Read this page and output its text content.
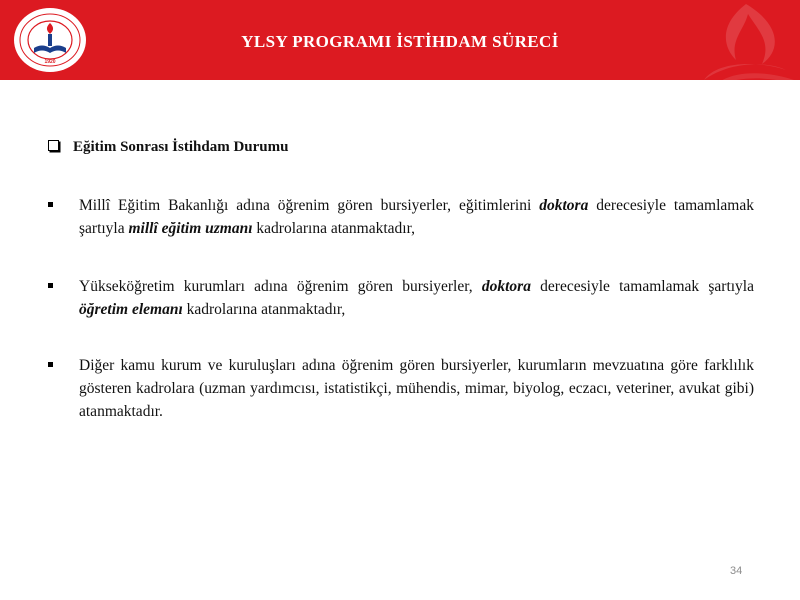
1920
YLSY PROGRAMI İSTİHDAM SÜRECİ
Eğitim Sonrası İstihdam Durumu
Millî Eğitim Bakanlığı adına öğrenim gören bursiyerler, eğitimlerini doktora derecesiyle tamamlamak şartıyla millî eğitim uzmanı kadrolarına atanmaktadır,
Yükseköğretim kurumları adına öğrenim gören bursiyerler, doktora derecesiyle tamamlamak şartıyla öğretim elemanı kadrolarına atanmaktadır,
Diğer kamu kurum ve kuruluşları adına öğrenim gören bursiyerler, kurumların mevzuatına göre farklılık gösteren kadrolara (uzman yardımcısı, istatistikçi, mühendis, mimar, biyolog, eczacı, veteriner, avukat gibi) atanmaktadır.
34
